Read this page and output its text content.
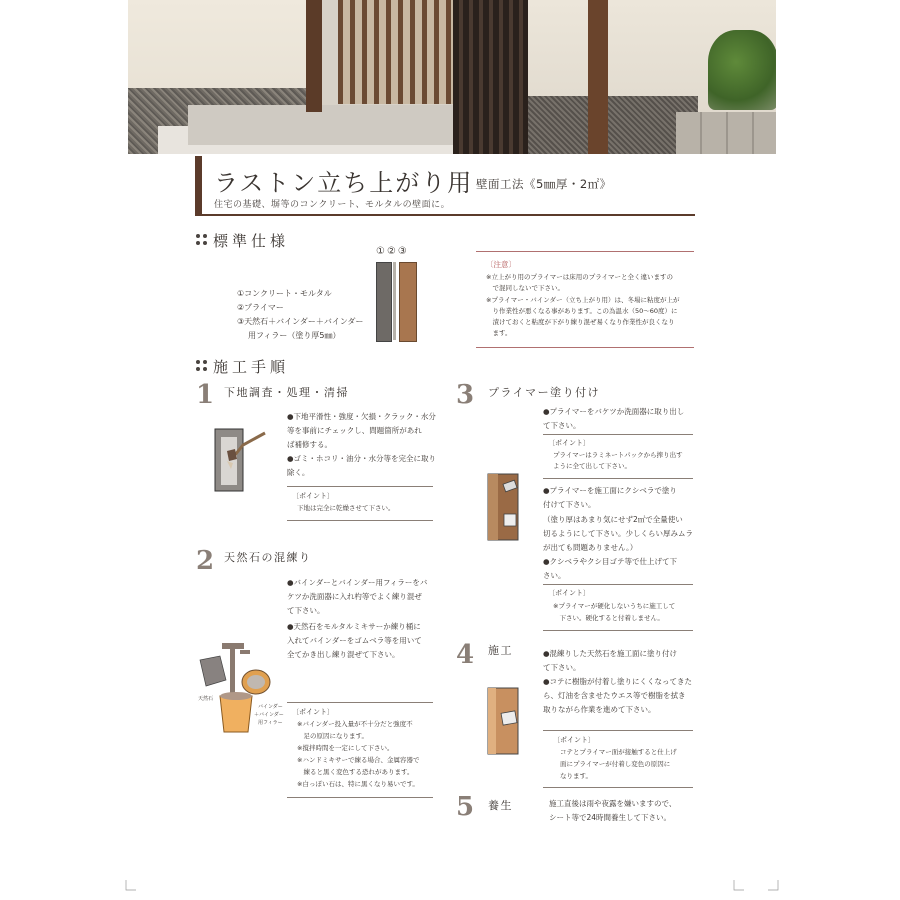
ラストン立ち上がり用 壁面工法《5㎜厚・2㎡》
住宅の基礎、塀等のコンクリート、モルタルの壁面に。
標準仕様
①②③
①コンクリート・モルタル
②プライマー
③天然石＋バインダー＋バインダー
用フィラー（塗り厚5㎜）
〔注意〕
※立上がり用のプライマーは床用のプライマーと全く違いますの
　で混同しないで下さい。
※プライマー・バインダー（立ち上がり用）は、冬場に粘度が上が
　り作業性が悪くなる事があります。この為温水（50～60度）に
　漬けておくと粘度が下がり練り混ぜ易くなり作業性が良くなり
　ます。
施工手順
1 下地調査・処理・清掃
●下地平滑性・強度・欠損・クラック・水分
等を事前にチェックし、問題箇所があれ
ば補修する。
●ゴミ・ホコリ・油分・水分等を完全に取り
除く。
〔ポイント〕
下地は完全に乾燥させて下さい。
2 天然石の混練り
●バインダーとバインダー用フィラーをバ
ケツか洗面器に入れ杓等でよく練り混ぜ
て下さい。
●天然石をモルタルミキサーか練り桶に
入れてバインダーをゴムベラ等を用いて
全てかき出し練り混ぜて下さい。
天然石
バインダー
＋バインダー
用フィラー
〔ポイント〕
※バインダー投入量が不十分だと強度不
　足の原因になります。
※撹拌時間を一定にして下さい。
※ハンドミキサーで練る場合、金属容器で
　練ると黒く変色する恐れがあります。
※白っぽい石は、特に黒くなり易いです。
3 プライマー塗り付け
●プライマーをバケツか洗面器に取り出し
て下さい。
〔ポイント〕
プライマーはラミネートパックから搾り出す
ように全て出して下さい。
●プライマーを施工面にクシベラで塗り
付けて下さい。
（塗り厚はあまり気にせず2㎡で全量使い
切るようにして下さい。少しくらい厚みムラ
が出ても問題ありません。）
●クシベラやクシ目ゴテ等で仕上げて下
さい。
〔ポイント〕
※プライマーが硬化しないうちに施工して
　下さい。硬化すると付着しません。
4 施工	●混練りした天然石を施工面に塗り付け
て下さい。
●コテに樹脂が付着し塗りにくくなってきた
ら、灯油を含ませたウエス等で樹脂を拭き
取りながら作業を進めて下さい。
〔ポイント〕
コテとプライマー面が接触すると仕上げ
面にプライマーが付着し変色の原因に
なります。
5 養生	施工直後は雨や夜露を嫌いますので、
シート等で24時間養生して下さい。
